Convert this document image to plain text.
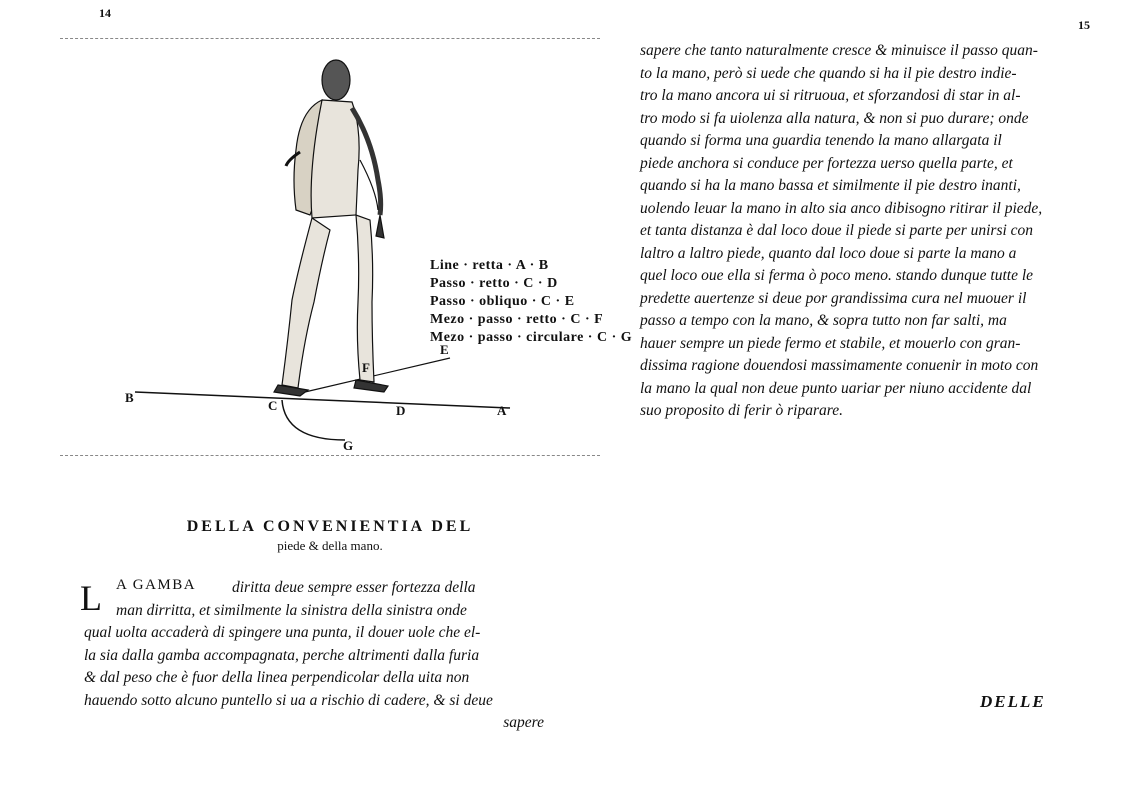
14
15
Line · retta · A · B
Passo · retto · C · D
Passo · obliquo · C · E
Mezo · passo · retto · C · F
Mezo · passo · circulare · C · G
B
C	D	A
E
F
G
sapere che tanto naturalmente cresce & minuisce il passo quan-
to la mano, però si uede che quando si ha il pie destro indie-
tro la mano ancora ui si ritruoua, et sforzandosi di star in al-
tro modo si fa uiolenza alla natura, & non si puo durare; onde
quando si forma una guardia tenendo la mano allargata il
piede anchora si conduce per fortezza uerso quella parte, et
quando si ha la mano bassa et similmente il pie destro inanti,
uolendo leuar la mano in alto sia anco dibisogno ritirar il piede,
et tanta distanza è dal loco doue il piede si parte per unirsi con
laltro a laltro piede, quanto dal loco doue si parte la mano a
quel loco oue ella si ferma ò poco meno. stando dunque tutte le
predette auertenze si deue por grandissima cura nel muouer il
passo a tempo con la mano, & sopra tutto non far salti, ma
hauer sempre un piede fermo et stabile, et mouerlo con gran-
dissima ragione douendosi massimamente conuenir in moto con
la mano la qual non deue punto uariar per niuno accidente dal
suo proposito di ferir ò riparare.
DELLA CONVENIENTIA DEL
piede & della mano.
L A GAMBA	diritta deue sempre esser fortezza della
man dirritta, et similmente la sinistra della sinistra onde
qual uolta accaderà di spingere una punta, il douer uole che el-
la sia dalla gamba accompagnata, perche altrimenti dalla furia
& dal peso che è fuor della linea perpendicolar della uita non
hauendo sotto alcuno puntello si ua a rischio di cadere, & si deue
sapere
DELLE
